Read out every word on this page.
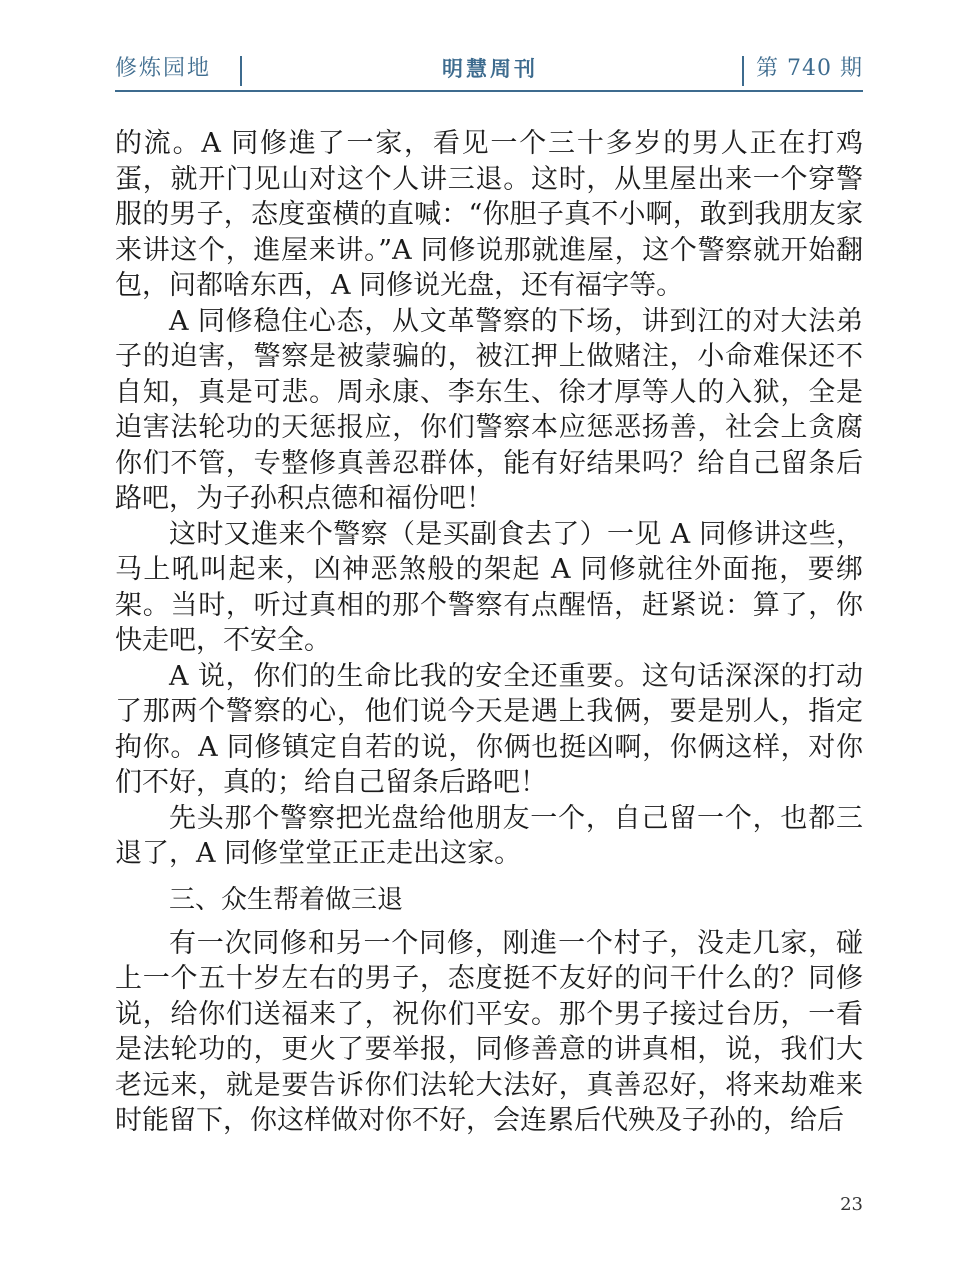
修炼园地	明慧周刊	第 740 期

的流。A 同修進了一家，看见一个三十多岁的男人正在打鸡蛋，就开门见山对这个人讲三退。这时，从里屋出来一个穿警服的男子，态度蛮横的直喊：“你胆子真不小啊，敢到我朋友家来讲这个，進屋来讲。”A 同修说那就進屋，这个警察就开始翻包，问都啥东西，A 同修说光盘，还有福字等。

A 同修稳住心态，从文革警察的下场，讲到江的对大法弟子的迫害，警察是被蒙骗的，被江押上做赌注，小命难保还不自知，真是可悲。周永康、李东生、徐才厚等人的入狱，全是迫害法轮功的天惩报应，你们警察本应惩恶扬善，社会上贪腐你们不管，专整修真善忍群体，能有好结果吗？给自己留条后路吧，为子孙积点德和福份吧！

这时又進来个警察（是买副食去了）一见 A 同修讲这些，马上吼叫起来，凶神恶煞般的架起 A 同修就往外面拖，要绑架。当时，听过真相的那个警察有点醒悟，赶紧说：算了，你快走吧，不安全。

A 说，你们的生命比我的安全还重要。这句话深深的打动了那两个警察的心，他们说今天是遇上我俩，要是别人，指定拘你。A 同修镇定自若的说，你俩也挺凶啊，你俩这样，对你们不好，真的；给自己留条后路吧！

先头那个警察把光盘给他朋友一个，自己留一个，也都三退了，A 同修堂堂正正走出这家。

三、众生帮着做三退

有一次同修和另一个同修，刚進一个村子，没走几家，碰上一个五十岁左右的男子，态度挺不友好的问干什么的？同修说，给你们送福来了，祝你们平安。那个男子接过台历，一看是法轮功的，更火了要举报，同修善意的讲真相，说，我们大老远来，就是要告诉你们法轮大法好，真善忍好，将来劫难来时能留下，你这样做对你不好，会连累后代殃及子孙的，给后

23
